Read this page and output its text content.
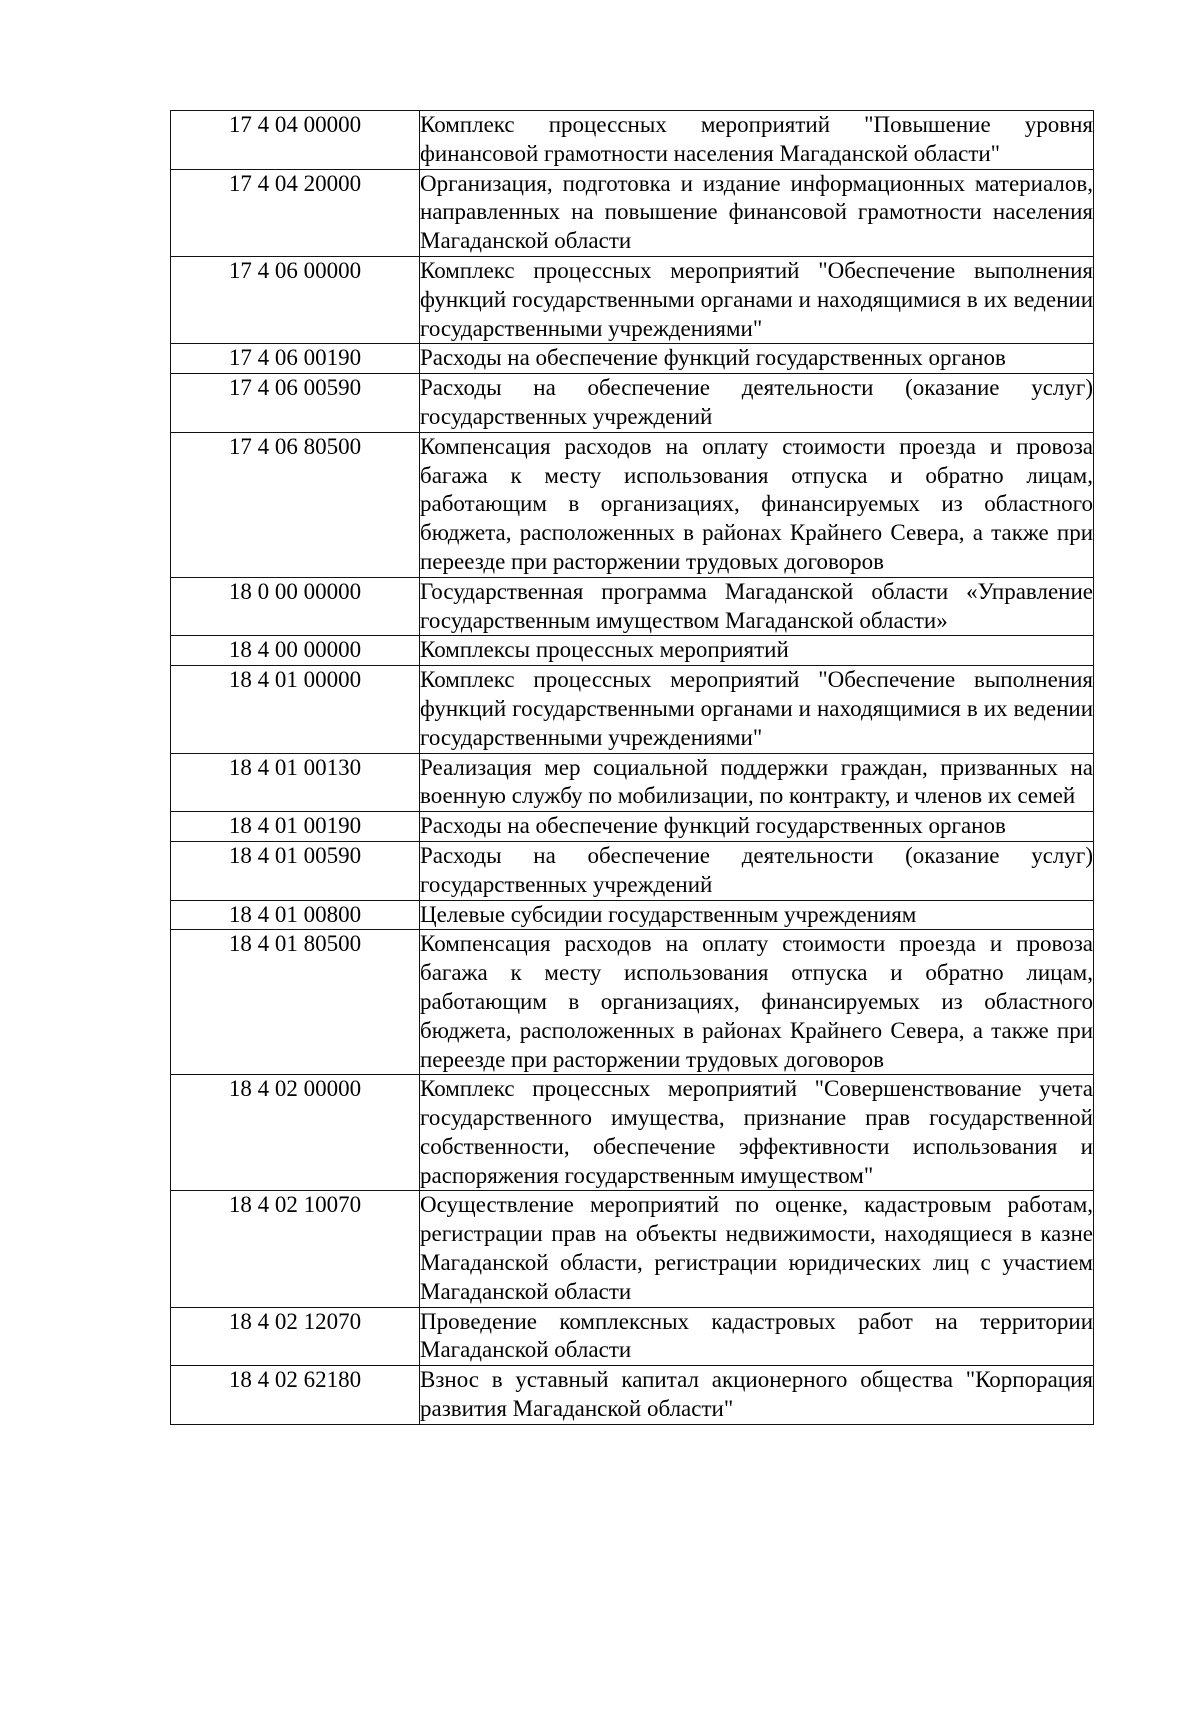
17 4 04 00000	Комплекс процессных мероприятий "Повышение уровня финансовой грамотности населения Магаданской области"
17 4 04 20000	Организация, подготовка и издание информационных материалов, направленных на повышение финансовой грамотности населения Магаданской области
17 4 06 00000	Комплекс процессных мероприятий "Обеспечение выполнения функций государственными органами и находящимися в их ведении государственными учреждениями"
17 4 06 00190	Расходы на обеспечение функций государственных органов
17 4 06 00590	Расходы на обеспечение деятельности (оказание услуг) государственных учреждений
17 4 06 80500	Компенсация расходов на оплату стоимости проезда и провоза багажа к месту использования отпуска и обратно лицам, работающим в организациях, финансируемых из областного бюджета, расположенных в районах Крайнего Севера, а также при переезде при расторжении трудовых договоров
18 0 00 00000	Государственная программа Магаданской области «Управление государственным имуществом Магаданской области»
18 4 00 00000	Комплексы процессных мероприятий
18 4 01 00000	Комплекс процессных мероприятий "Обеспечение выполнения функций государственными органами и находящимися в их ведении государственными учреждениями"
18 4 01 00130	Реализация мер социальной поддержки граждан, призванных на военную службу по мобилизации, по контракту, и членов их семей
18 4 01 00190	Расходы на обеспечение функций государственных органов
18 4 01 00590	Расходы на обеспечение деятельности (оказание услуг) государственных учреждений
18 4 01 00800	Целевые субсидии государственным учреждениям
18 4 01 80500	Компенсация расходов на оплату стоимости проезда и провоза багажа к месту использования отпуска и обратно лицам, работающим в организациях, финансируемых из областного бюджета, расположенных в районах Крайнего Севера, а также при переезде при расторжении трудовых договоров
18 4 02 00000	Комплекс процессных мероприятий "Совершенствование учета государственного имущества, признание прав государственной собственности, обеспечение эффективности использования и распоряжения государственным имуществом"
18 4 02 10070	Осуществление мероприятий по оценке, кадастровым работам, регистрации прав на объекты недвижимости, находящиеся в казне Магаданской области, регистрации юридических лиц с участием Магаданской области
18 4 02 12070	Проведение комплексных кадастровых работ на территории Магаданской области
18 4 02 62180	Взнос в уставный капитал акционерного общества "Корпорация развития Магаданской области"
